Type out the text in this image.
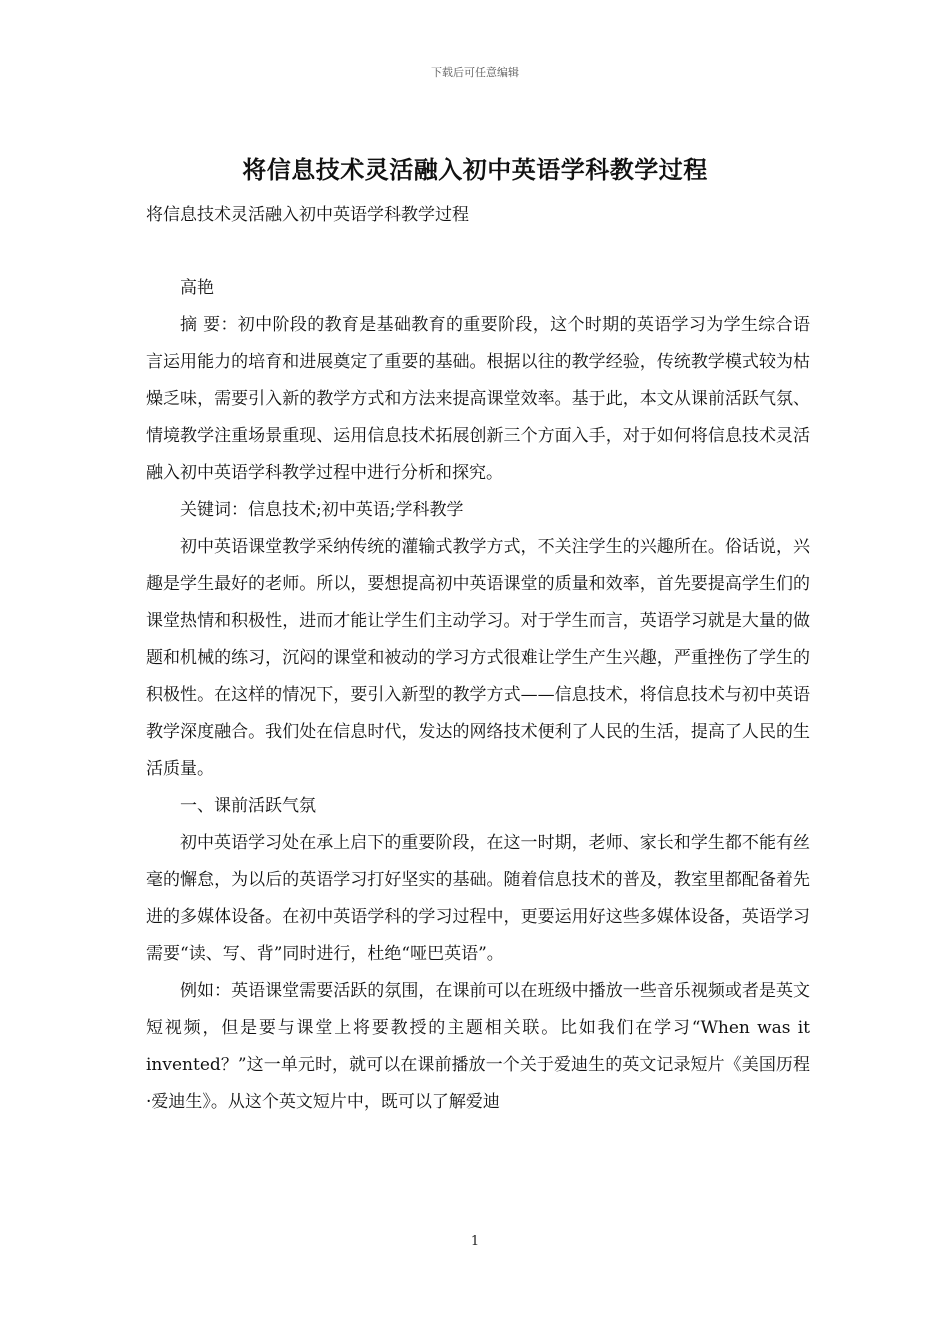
下载后可任意编辑
将信息技术灵活融入初中英语学科教学过程
将信息技术灵活融入初中英语学科教学过程

高艳

摘 要：初中阶段的教育是基础教育的重要阶段，这个时期的英语学习为学生综合语言运用能力的培育和进展奠定了重要的基础。根据以往的教学经验，传统教学模式较为枯燥乏味，需要引入新的教学方式和方法来提高课堂效率。基于此，本文从课前活跃气氛、情境教学注重场景重现、运用信息技术拓展创新三个方面入手，对于如何将信息技术灵活融入初中英语学科教学过程中进行分析和探究。

关键词：信息技术;初中英语;学科教学

初中英语课堂教学采纳传统的灌输式教学方式，不关注学生的兴趣所在。俗话说，兴趣是学生最好的老师。所以，要想提高初中英语课堂的质量和效率，首先要提高学生们的课堂热情和积极性，进而才能让学生们主动学习。对于学生而言，英语学习就是大量的做题和机械的练习，沉闷的课堂和被动的学习方式很难让学生产生兴趣，严重挫伤了学生的积极性。在这样的情况下，要引入新型的教学方式——信息技术，将信息技术与初中英语教学深度融合。我们处在信息时代，发达的网络技术便利了人民的生活，提高了人民的生活质量。

一、课前活跃气氛

初中英语学习处在承上启下的重要阶段，在这一时期，老师、家长和学生都不能有丝毫的懈怠，为以后的英语学习打好坚实的基础。随着信息技术的普及，教室里都配备着先进的多媒体设备。在初中英语学科的学习过程中，更要运用好这些多媒体设备，英语学习需要“读、写、背”同时进行，杜绝“哑巴英语”。

例如：英语课堂需要活跃的氛围，在课前可以在班级中播放一些音乐视频或者是英文短视频，但是要与课堂上将要教授的主题相关联。比如我们在学习“When was it invented？”这一单元时，就可以在课前播放一个关于爱迪生的英文记录短片《美国历程·爱迪生》。从这个英文短片中，既可以了解爱迪

1
